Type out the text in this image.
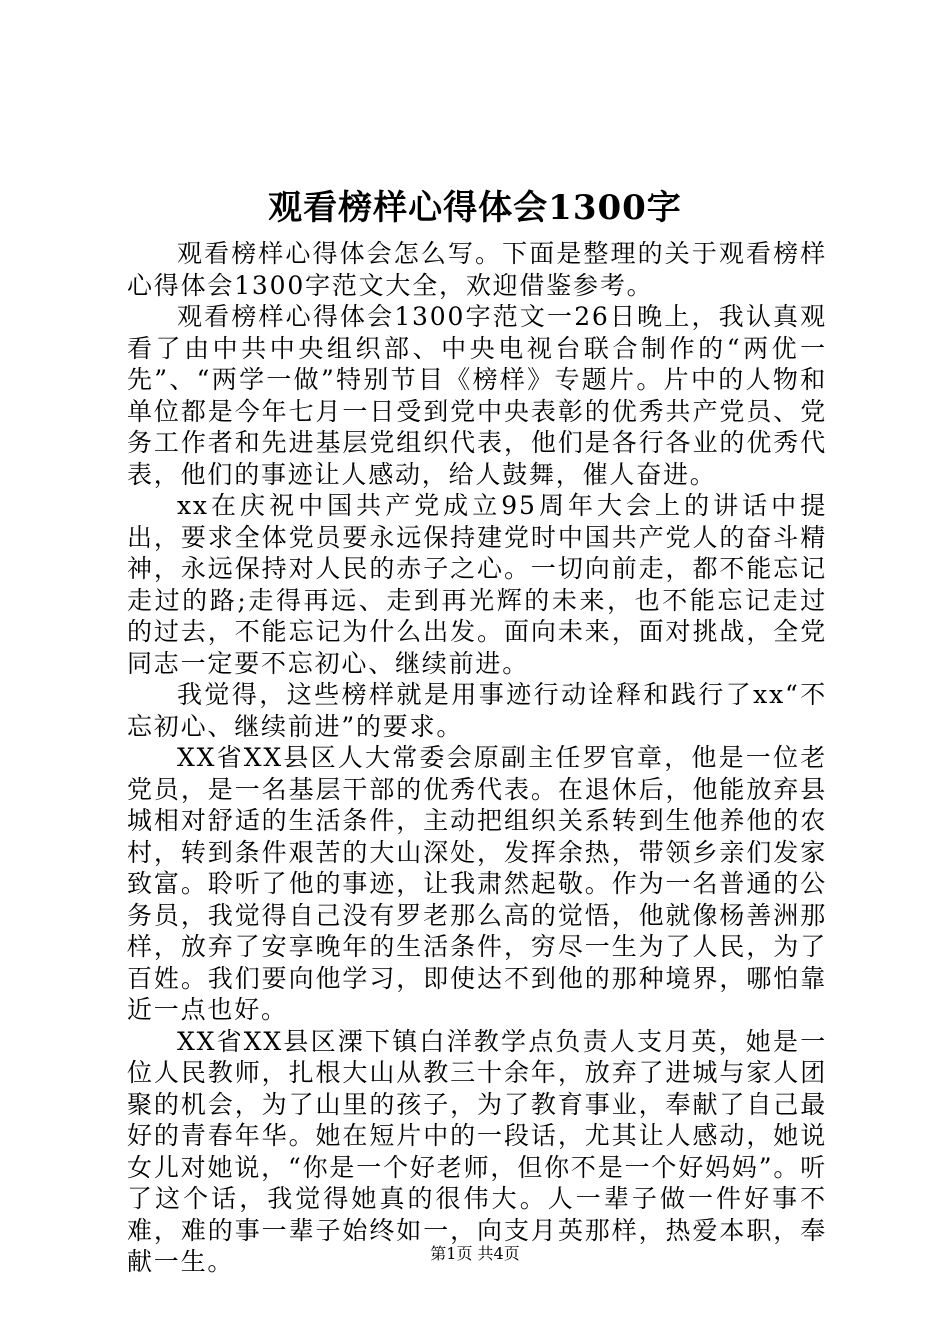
观看榜样心得体会1300字

观看榜样心得体会怎么写。下面是整理的关于观看榜样心得体会1300字范文大全，欢迎借鉴参考。

观看榜样心得体会1300字范文一26日晚上，我认真观看了由中共中央组织部、中央电视台联合制作的“两优一先”、“两学一做”特别节目《榜样》专题片。片中的人物和单位都是今年七月一日受到党中央表彰的优秀共产党员、党务工作者和先进基层党组织代表，他们是各行各业的优秀代表，他们的事迹让人感动，给人鼓舞，催人奋进。

xx在庆祝中国共产党成立95周年大会上的讲话中提出，要求全体党员要永远保持建党时中国共产党人的奋斗精神，永远保持对人民的赤子之心。一切向前走，都不能忘记走过的路;走得再远、走到再光辉的未来，也不能忘记走过的过去，不能忘记为什么出发。面向未来，面对挑战，全党同志一定要不忘初心、继续前进。

我觉得，这些榜样就是用事迹行动诠释和践行了xx“不忘初心、继续前进”的要求。

XX省XX县区人大常委会原副主任罗官章，他是一位老党员，是一名基层干部的优秀代表。在退休后，他能放弃县城相对舒适的生活条件，主动把组织关系转到生他养他的农村，转到条件艰苦的大山深处，发挥余热，带领乡亲们发家致富。聆听了他的事迹，让我肃然起敬。作为一名普通的公务员，我觉得自己没有罗老那么高的觉悟，他就像杨善洲那样，放弃了安享晚年的生活条件，穷尽一生为了人民，为了百姓。我们要向他学习，即使达不到他的那种境界，哪怕靠近一点也好。

XX省XX县区溧下镇白洋教学点负责人支月英，她是一位人民教师，扎根大山从教三十余年，放弃了进城与家人团聚的机会，为了山里的孩子，为了教育事业，奉献了自己最好的青春年华。她在短片中的一段话，尤其让人感动，她说女儿对她说，“你是一个好老师，但你不是一个好妈妈”。听了这个话，我觉得她真的很伟大。人一辈子做一件好事不难，难的事一辈子始终如一，向支月英那样，热爱本职，奉献一生。	第1页 共4页
